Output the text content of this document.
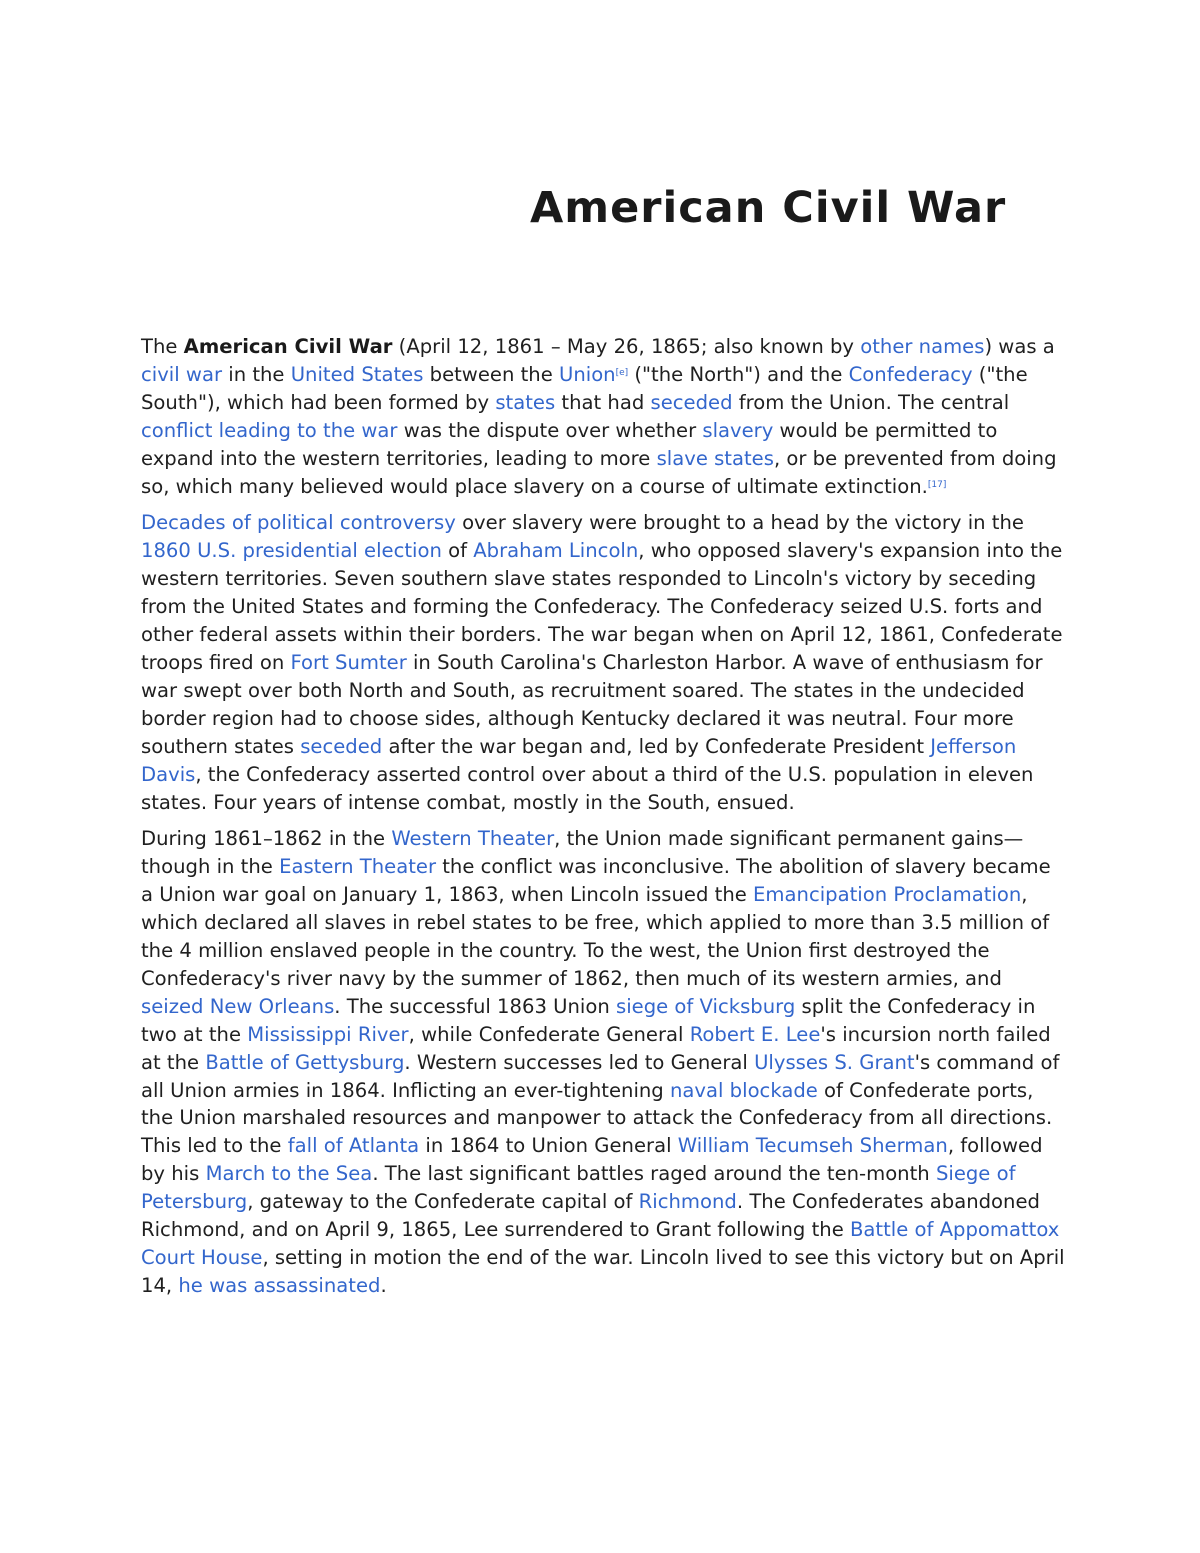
American Civil War

The American Civil War (April 12, 1861 – May 26, 1865; also known by other names) was a civil war in the United States between the Union[e] ("the North") and the Confederacy ("the South"), which had been formed by states that had seceded from the Union. The central conflict leading to the war was the dispute over whether slavery would be permitted to expand into the western territories, leading to more slave states, or be prevented from doing so, which many believed would place slavery on a course of ultimate extinction.[17]

Decades of political controversy over slavery were brought to a head by the victory in the 1860 U.S. presidential election of Abraham Lincoln, who opposed slavery's expansion into the western territories. Seven southern slave states responded to Lincoln's victory by seceding from the United States and forming the Confederacy. The Confederacy seized U.S. forts and other federal assets within their borders. The war began when on April 12, 1861, Confederate troops fired on Fort Sumter in South Carolina's Charleston Harbor. A wave of enthusiasm for war swept over both North and South, as recruitment soared. The states in the undecided border region had to choose sides, although Kentucky declared it was neutral. Four more southern states seceded after the war began and, led by Confederate President Jefferson Davis, the Confederacy asserted control over about a third of the U.S. population in eleven states. Four years of intense combat, mostly in the South, ensued.

During 1861–1862 in the Western Theater, the Union made significant permanent gains—though in the Eastern Theater the conflict was inconclusive. The abolition of slavery became a Union war goal on January 1, 1863, when Lincoln issued the Emancipation Proclamation, which declared all slaves in rebel states to be free, which applied to more than 3.5 million of the 4 million enslaved people in the country. To the west, the Union first destroyed the Confederacy's river navy by the summer of 1862, then much of its western armies, and seized New Orleans. The successful 1863 Union siege of Vicksburg split the Confederacy in two at the Mississippi River, while Confederate General Robert E. Lee's incursion north failed at the Battle of Gettysburg. Western successes led to General Ulysses S. Grant's command of all Union armies in 1864. Inflicting an ever-tightening naval blockade of Confederate ports, the Union marshaled resources and manpower to attack the Confederacy from all directions. This led to the fall of Atlanta in 1864 to Union General William Tecumseh Sherman, followed by his March to the Sea. The last significant battles raged around the ten-month Siege of Petersburg, gateway to the Confederate capital of Richmond. The Confederates abandoned Richmond, and on April 9, 1865, Lee surrendered to Grant following the Battle of Appomattox Court House, setting in motion the end of the war. Lincoln lived to see this victory but on April 14, he was assassinated.
